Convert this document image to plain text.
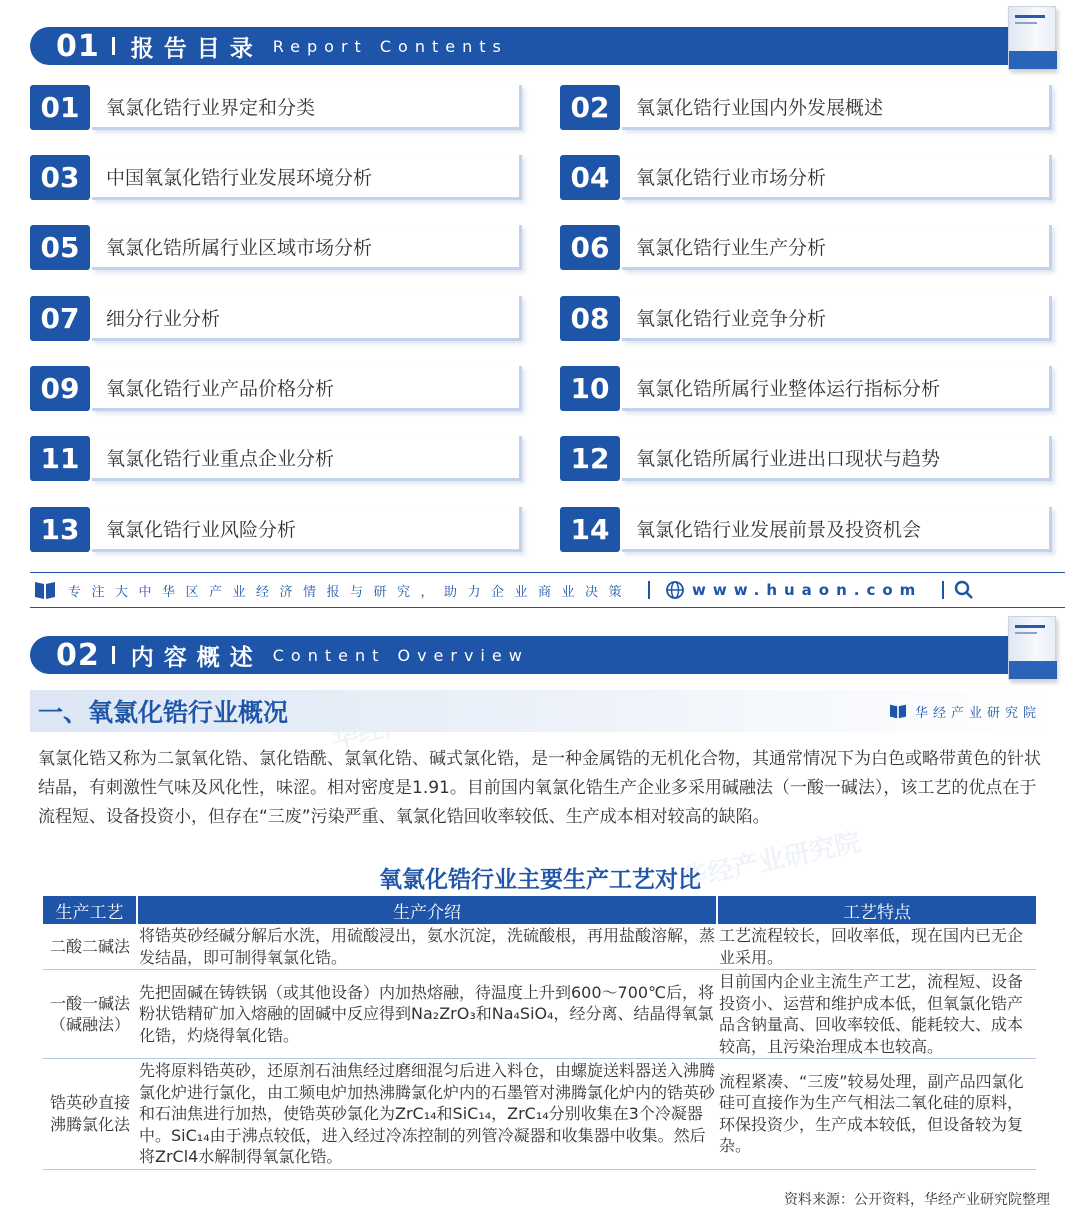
华经产业研究院
01 报告目录 Report Contents
01	氧氯化锆行业界定和分类	02	氧氯化锆行业国内外发展概述
03	中国氧氯化锆行业发展环境分析	04	氧氯化锆行业市场分析
05	氧氯化锆所属行业区域市场分析	06	氧氯化锆行业生产分析
07	细分行业分析	08	氧氯化锆行业竞争分析
09	氧氯化锆行业产品价格分析	10	氧氯化锆所属行业整体运行指标分析
11	氧氯化锆行业重点企业分析	12	氧氯化锆所属行业进出口现状与趋势
13	氧氯化锆行业风险分析	14	氧氯化锆行业发展前景及投资机会
专注大中华区产业经济情报与研究，助力企业商业决策	www.huaon.com
02 内容概述 Content Overview
一、氧氯化锆行业概况	华经产业研究院

氧氯化锆又称为二氯氧化锆、氯化锆酰、氯氧化锆、碱式氯化锆，是一种金属锆的无机化合物，其通常情况下为白色或略带黄色的针状结晶，有刺激性气味及风化性，味涩。相对密度是1.91。目前国内氧氯化锆生产企业多采用碱融法（一酸一碱法），该工艺的优点在于流程短、设备投资小，但存在“三废”污染严重、氧氯化锆回收率较低、生产成本相对较高的缺陷。

氧氯化锆行业主要生产工艺对比
生产工艺	生产介绍	工艺特点
二酸二碱法	将锆英砂经碱分解后水洗，用硫酸浸出，氨水沉淀，洗硫酸根，再用盐酸溶解，蒸发结晶，即可制得氧氯化锆。	工艺流程较长，回收率低，现在国内已无企业采用。
一酸一碱法（碱融法）	先把固碱在铸铁锅（或其他设备）内加热熔融，待温度上升到600～700℃后，将粉状锆精矿加入熔融的固碱中反应得到Na₂ZrO₃和Na₄SiO₄，经分离、结晶得氧氯化锆，灼烧得氧化锆。	目前国内企业主流生产工艺，流程短、设备投资小、运营和维护成本低，但氧氯化锆产品含钠量高、回收率较低、能耗较大、成本较高，且污染治理成本也较高。
锆英砂直接沸腾氯化法	先将原料锆英砂，还原剂石油焦经过磨细混匀后进入料仓，由螺旋送料器送入沸腾氯化炉进行氯化，由工频电炉加热沸腾氯化炉内的石墨管对沸腾氯化炉内的锆英砂和石油焦进行加热，使锆英砂氯化为ZrC₁₄和SiC₁₄，ZrC₁₄分别收集在3个冷凝器中。SiC₁₄由于沸点较低，进入经过冷冻控制的列管冷凝器和收集器中收集。然后将ZrCl4水解制得氧氯化锆。	流程紧凑、“三废”较易处理，副产品四氯化硅可直接作为生产气相法二氧化硅的原料，环保投资少，生产成本较低，但设备较为复杂。
资料来源：公开资料，华经产业研究院整理
